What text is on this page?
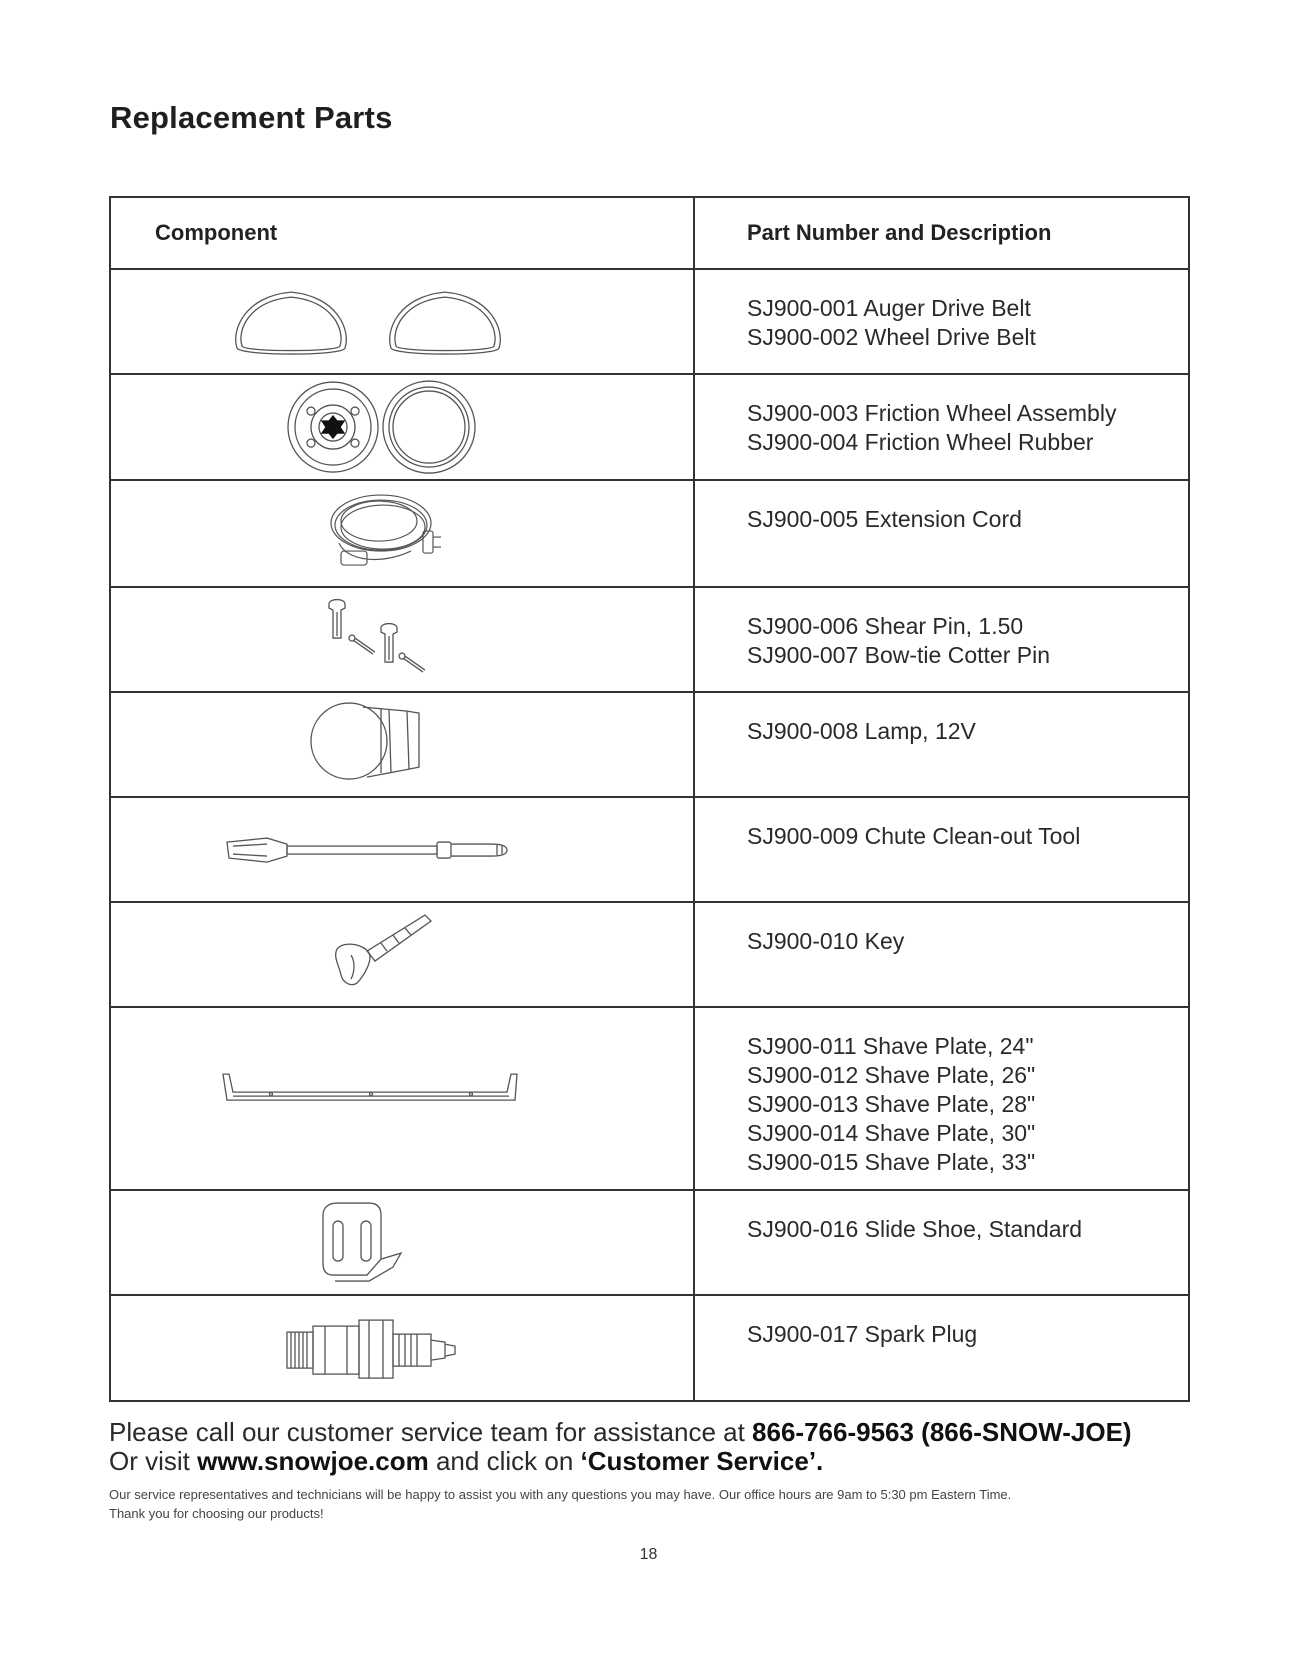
Replacement Parts
Component	Part Number and Description

SJ900-001 Auger Drive Belt
SJ900-002 Wheel Drive Belt

SJ900-003 Friction Wheel Assembly
SJ900-004 Friction Wheel Rubber

SJ900-005 Extension Cord

SJ900-006 Shear Pin, 1.50
SJ900-007 Bow-tie Cotter Pin

SJ900-008 Lamp, 12V

SJ900-009 Chute Clean-out Tool

SJ900-010 Key

SJ900-011 Shave Plate, 24"
SJ900-012 Shave Plate, 26"
SJ900-013 Shave Plate, 28"
SJ900-014 Shave Plate, 30"
SJ900-015 Shave Plate, 33"

SJ900-016 Slide Shoe, Standard

SJ900-017 Spark Plug
Please call our customer service team for assistance at 866-766-9563 (866-SNOW-JOE)
Or visit www.snowjoe.com and click on ‘Customer Service’.
Our service representatives and technicians will be happy to assist you with any questions you may have. Our office hours are 9am to 5:30 pm Eastern Time.
Thank you for choosing our products!
18
